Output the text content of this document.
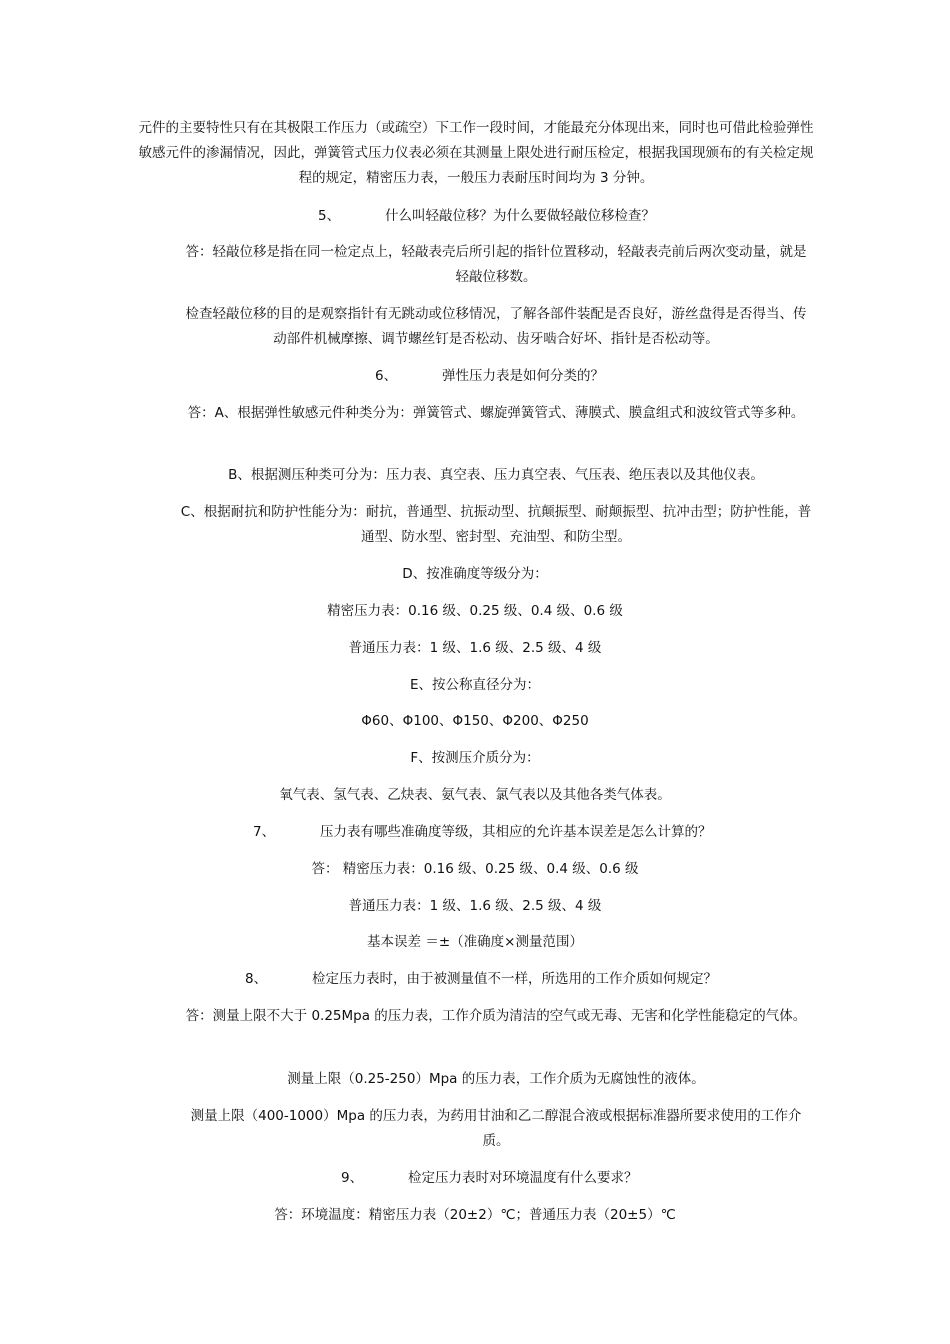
元件的主要特性只有在其极限工作压力（或疏空）下工作一段时间，才能最充分体现出来，同时也可借此检验弹性敏感元件的渗漏情况，因此，弹簧管式压力仪表必须在其测量上限处进行耐压检定，根据我国现颁布的有关检定规程的规定，精密压力表，一般压力表耐压时间均为 3 分钟。

5、	什么叫轻敲位移？为什么要做轻敲位移检查？

答：轻敲位移是指在同一检定点上，轻敲表壳后所引起的指针位置移动，轻敲表壳前后两次变动量，就是轻敲位移数。

检查轻敲位移的目的是观察指针有无跳动或位移情况，了解各部件装配是否良好，游丝盘得是否得当、传动部件机械摩擦、调节螺丝钉是否松动、齿牙啮合好坏、指针是否松动等。

6、	弹性压力表是如何分类的？

答：A、根据弹性敏感元件种类分为：弹簧管式、螺旋弹簧管式、薄膜式、膜盒组式和波纹管式等多种。

B、根据测压种类可分为：压力表、真空表、压力真空表、气压表、绝压表以及其他仪表。

C、根据耐抗和防护性能分为：耐抗，普通型、抗振动型、抗颠振型、耐颠振型、抗冲击型；防护性能，普通型、防水型、密封型、充油型、和防尘型。

D、按准确度等级分为：

精密压力表：0.16 级、0.25 级、0.4 级、0.6 级

普通压力表：1 级、1.6 级、2.5 级、4 级

E、按公称直径分为：

Φ60、Φ100、Φ150、Φ200、Φ250

F、按测压介质分为：

氧气表、氢气表、乙炔表、氨气表、氯气表以及其他各类气体表。

7、	压力表有哪些准确度等级，其相应的允许基本误差是怎么计算的？

答： 精密压力表：0.16 级、0.25 级、0.4 级、0.6 级

普通压力表：1 级、1.6 级、2.5 级、4 级

基本误差 ＝±（准确度×测量范围）

8、	检定压力表时，由于被测量值不一样，所选用的工作介质如何规定？

答：测量上限不大于 0.25Mpa 的压力表，工作介质为清洁的空气或无毒、无害和化学性能稳定的气体。

测量上限（0.25-250）Mpa 的压力表，工作介质为无腐蚀性的液体。

测量上限（400-1000）Mpa 的压力表，为药用甘油和乙二醇混合液或根据标准器所要求使用的工作介质。

9、	检定压力表时对环境温度有什么要求？

答：环境温度：精密压力表（20±2）℃；普通压力表（20±5）℃
